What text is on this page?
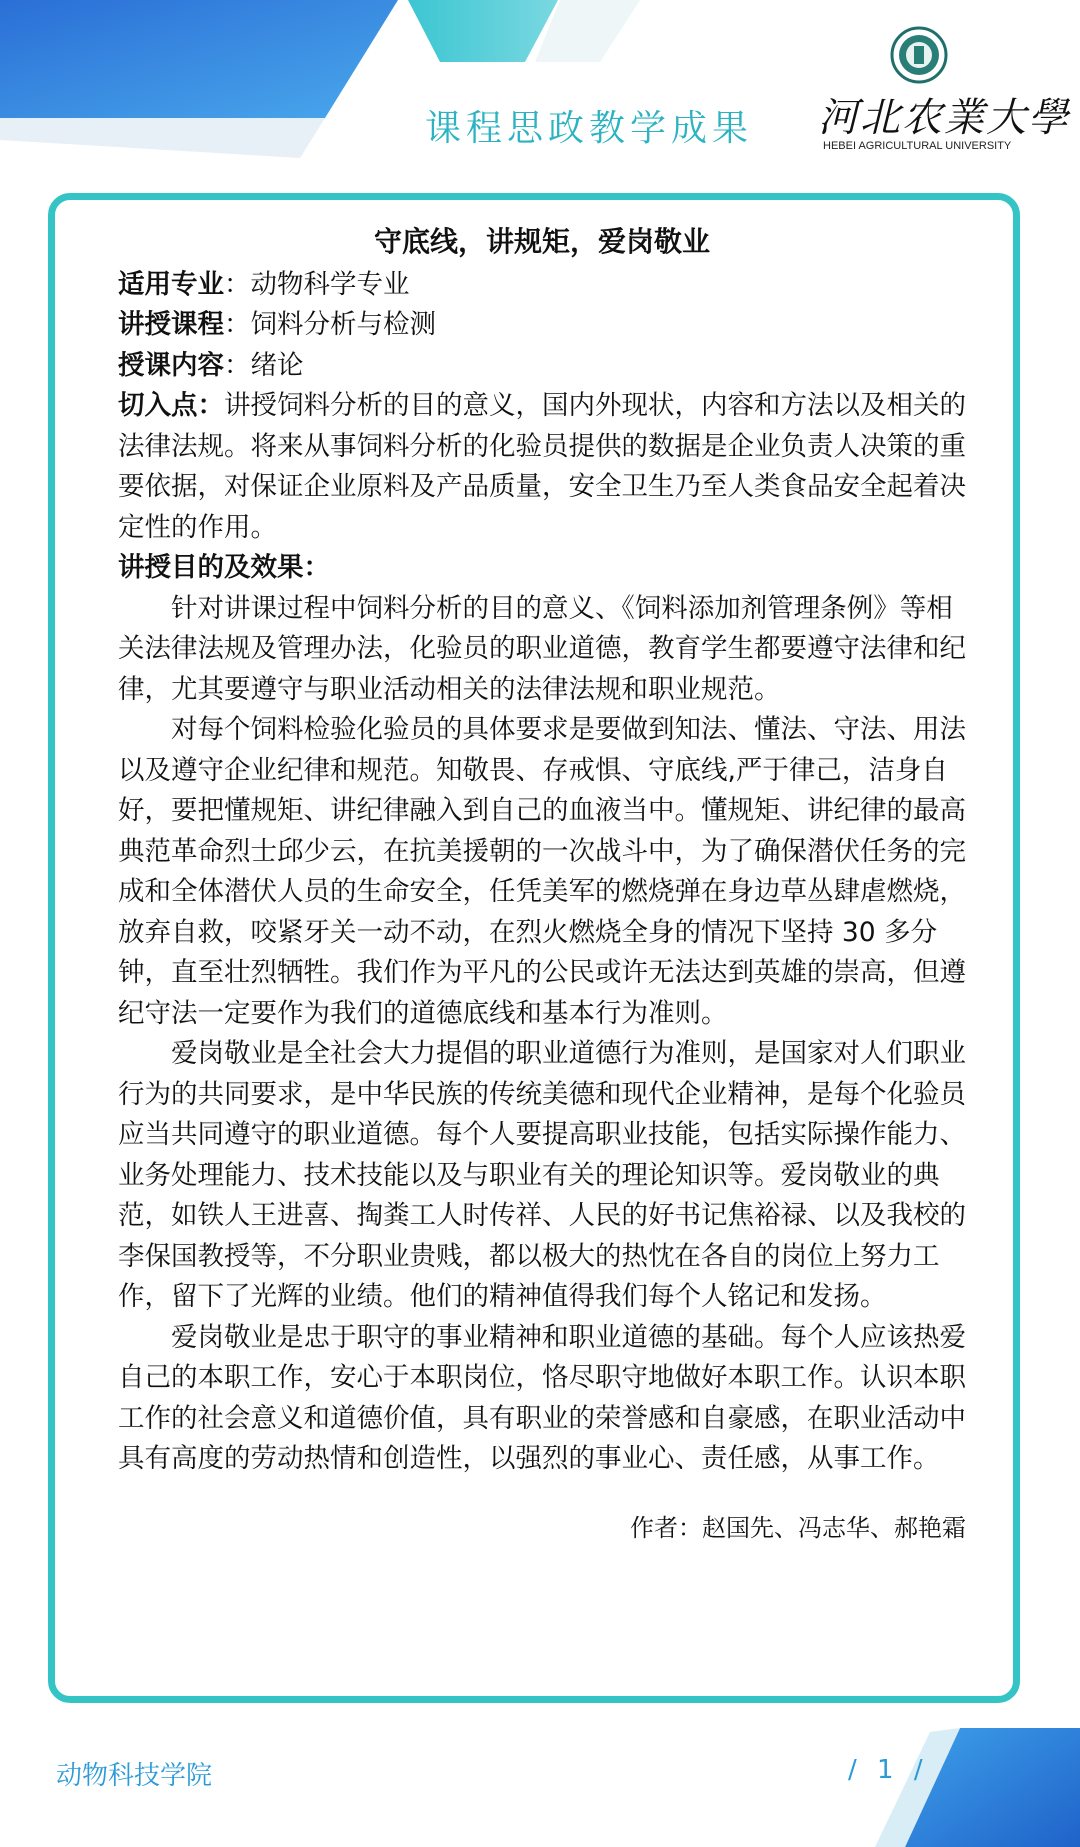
课程思政教学成果 河北农業大學
HEBEI AGRICULTURAL UNIVERSITY

守底线，讲规矩，爱岗敬业

适用专业：动物科学专业

讲授课程：饲料分析与检测

授课内容：绪论

切入点：讲授饲料分析的目的意义，国内外现状，内容和方法以及相关的法律法规。将来从事饲料分析的化验员提供的数据是企业负责人决策的重要依据，对保证企业原料及产品质量，安全卫生乃至人类食品安全起着决定性的作用。

讲授目的及效果：

针对讲课过程中饲料分析的目的意义、《饲料添加剂管理条例》等相关法律法规及管理办法，化验员的职业道德，教育学生都要遵守法律和纪律，尤其要遵守与职业活动相关的法律法规和职业规范。

对每个饲料检验化验员的具体要求是要做到知法、懂法、守法、用法以及遵守企业纪律和规范。知敬畏、存戒惧、守底线,严于律己，洁身自好，要把懂规矩、讲纪律融入到自己的血液当中。懂规矩、讲纪律的最高典范革命烈士邱少云，在抗美援朝的一次战斗中，为了确保潜伏任务的完成和全体潜伏人员的生命安全，任凭美军的燃烧弹在身边草丛肆虐燃烧，放弃自救，咬紧牙关一动不动，在烈火燃烧全身的情况下坚持 30 多分钟，直至壮烈牺牲。我们作为平凡的公民或许无法达到英雄的崇高，但遵纪守法一定要作为我们的道德底线和基本行为准则。

爱岗敬业是全社会大力提倡的职业道德行为准则，是国家对人们职业行为的共同要求，是中华民族的传统美德和现代企业精神，是每个化验员应当共同遵守的职业道德。每个人要提高职业技能，包括实际操作能力、业务处理能力、技术技能以及与职业有关的理论知识等。爱岗敬业的典范，如铁人王进喜、掏粪工人时传祥、人民的好书记焦裕禄、以及我校的李保国教授等，不分职业贵贱，都以极大的热忱在各自的岗位上努力工作，留下了光辉的业绩。他们的精神值得我们每个人铭记和发扬。

爱岗敬业是忠于职守的事业精神和职业道德的基础。每个人应该热爱自己的本职工作，安心于本职岗位，恪尽职守地做好本职工作。认识本职工作的社会意义和道德价值，具有职业的荣誉感和自豪感，在职业活动中具有高度的劳动热情和创造性，以强烈的事业心、责任感，从事工作。

作者：赵国先、冯志华、郝艳霜

动物科技学院	/ 1 /
